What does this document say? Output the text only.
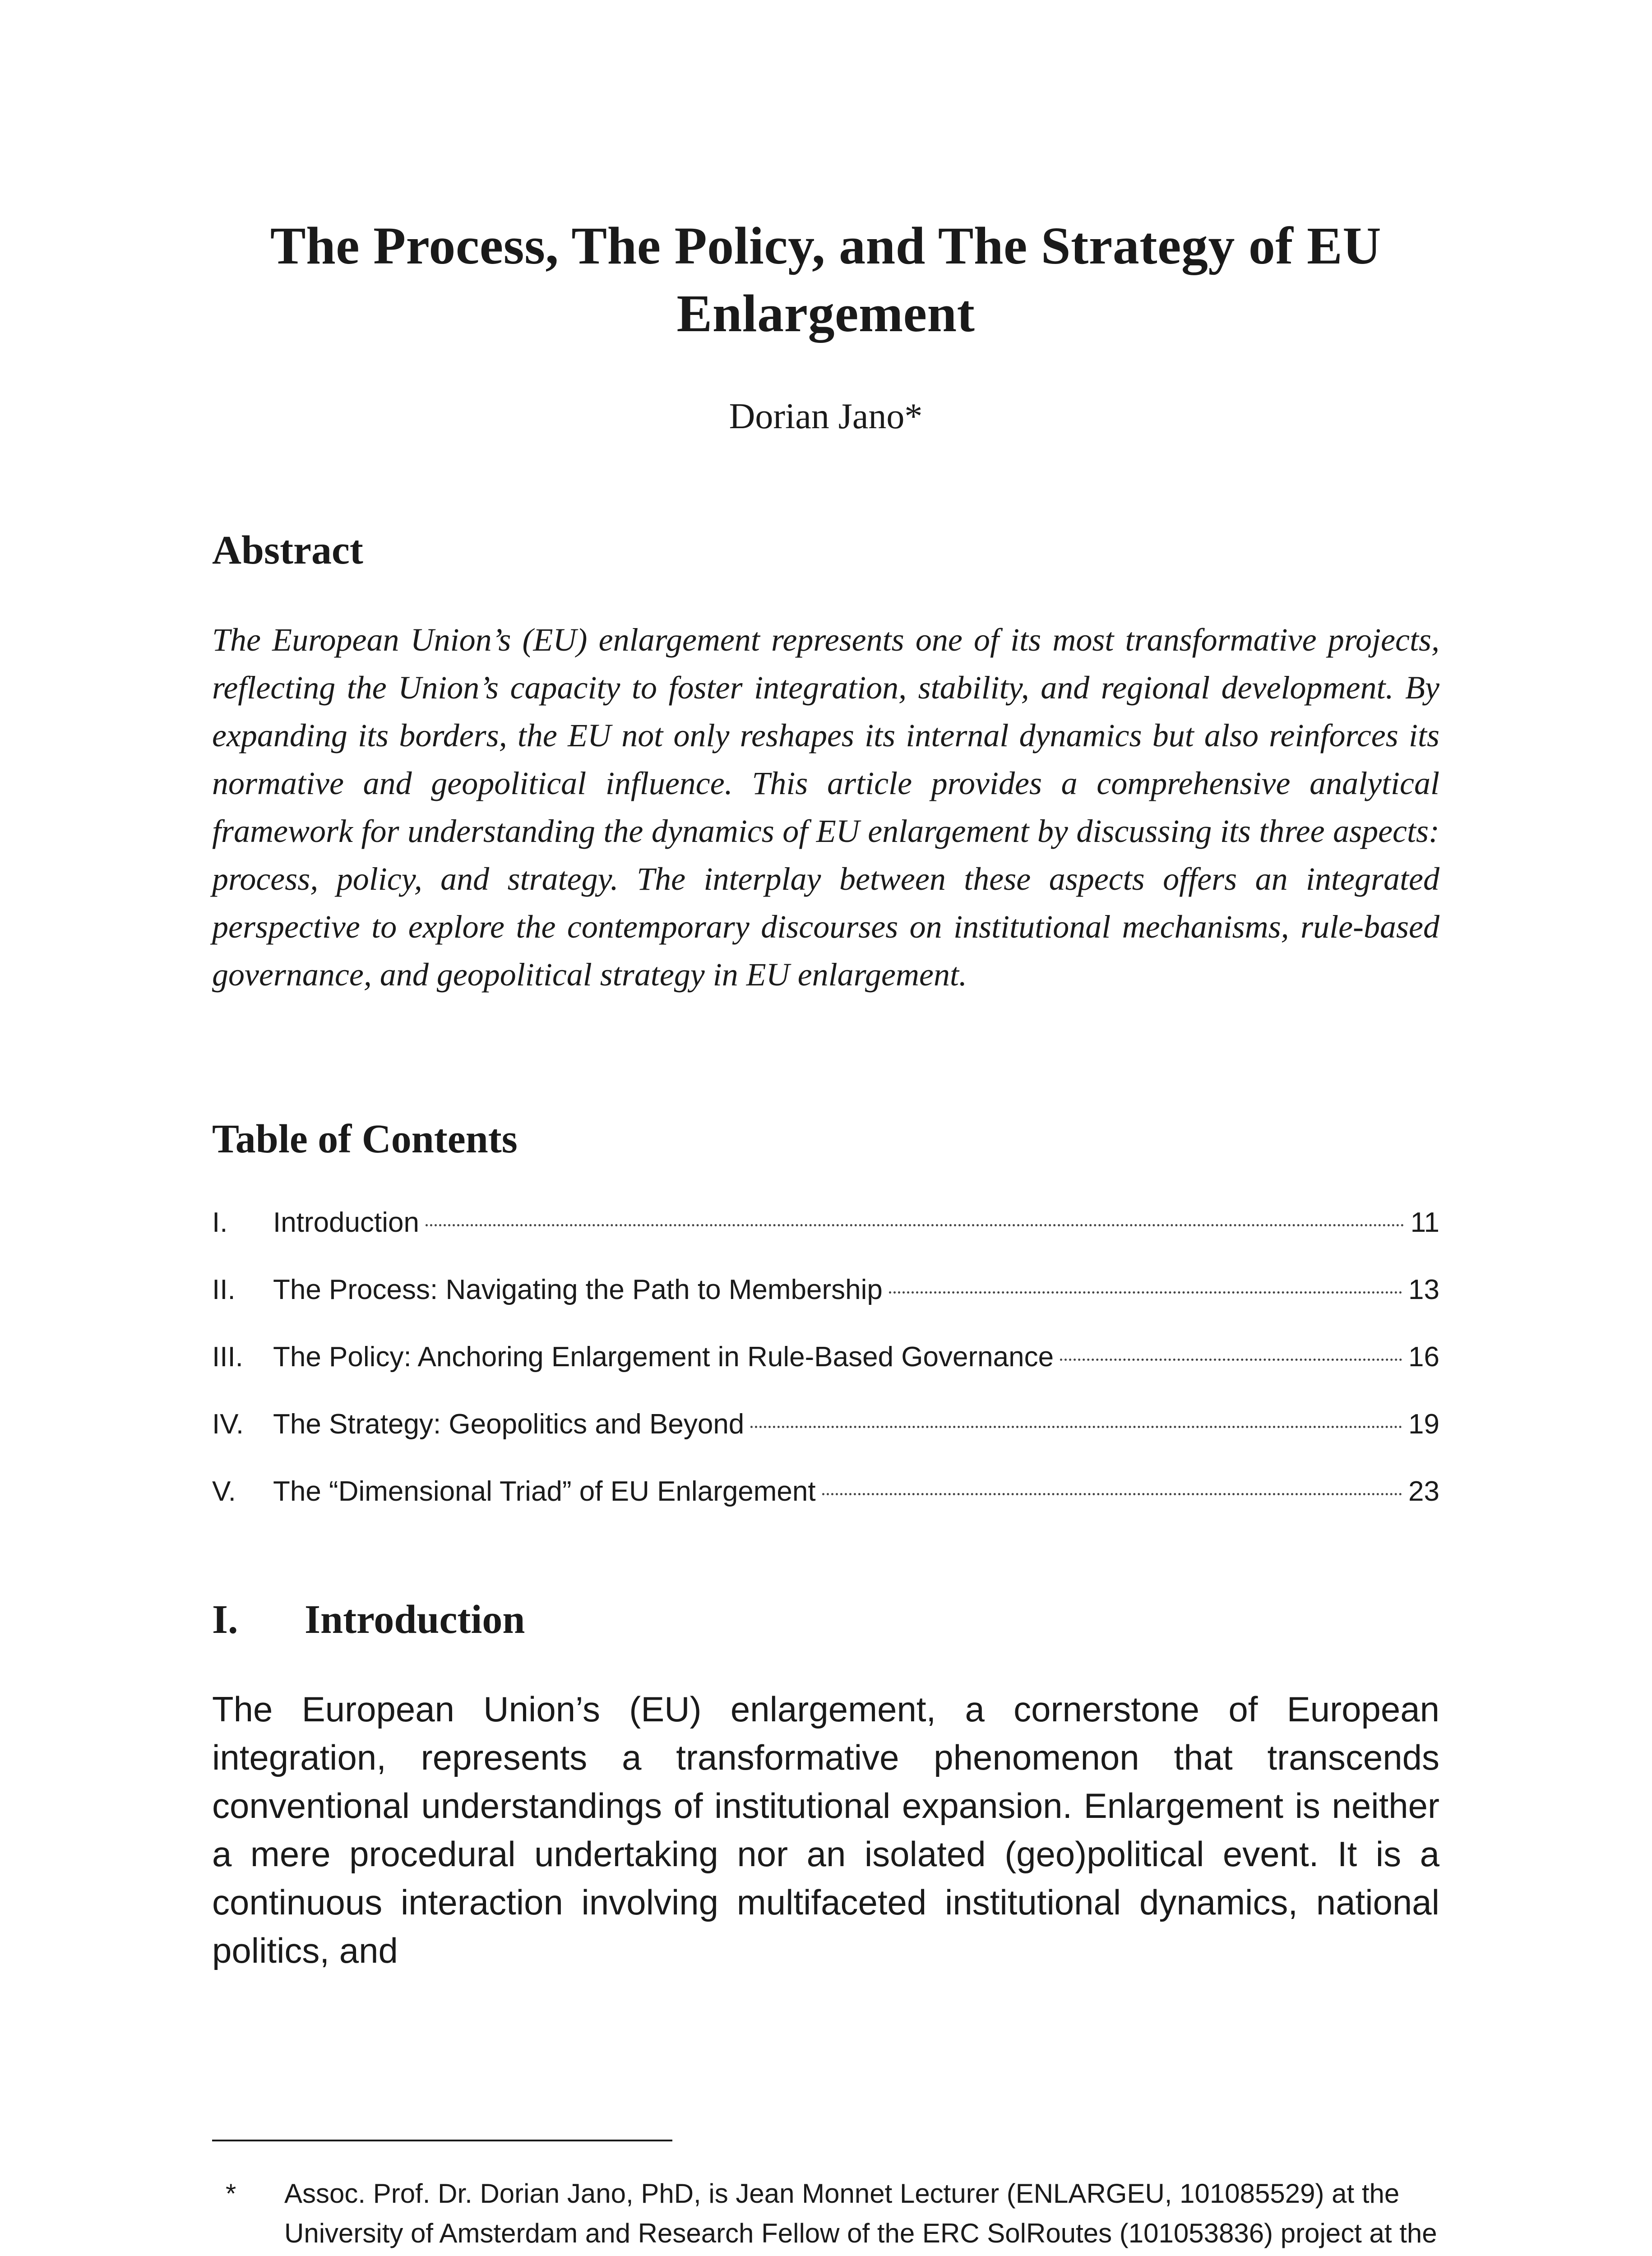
The Process, The Policy, and The Strategy of EU Enlargement

Dorian Jano*

Abstract

The European Union’s (EU) enlargement represents one of its most transformative projects, reflecting the Union’s capacity to foster integration, stability, and regional development. By expanding its borders, the EU not only reshapes its internal dynamics but also reinforces its normative and geopolitical influence. This article provides a comprehensive analytical framework for understanding the dynamics of EU enlargement by discussing its three aspects: process, policy, and strategy. The interplay between these aspects offers an integrated perspective to explore the contemporary discourses on institutional mechanisms, rule-based governance, and geopolitical strategy in EU enlargement.

Table of Contents
I.	Introduction	11
II.	The Process: Navigating the Path to Membership	13
III.	The Policy: Anchoring Enlargement in Rule-Based Governance	16
IV.	The Strategy: Geopolitics and Beyond	19
V.	The “Dimensional Triad” of EU Enlargement	23
I.	Introduction

The European Union’s (EU) enlargement, a cornerstone of European integration, represents a transformative phenomenon that transcends conventional understandings of institutional expansion. Enlargement is neither a mere procedural undertaking nor an isolated (geo)political event. It is a continuous interaction involving multifaceted institutional dynamics, national politics, and

*	Assoc. Prof. Dr. Dorian Jano, PhD, is Jean Monnet Lecturer (ENLARGEU, 101085529) at the University of Amsterdam and Research Fellow of the ERC SolRoutes (101053836) project at the
